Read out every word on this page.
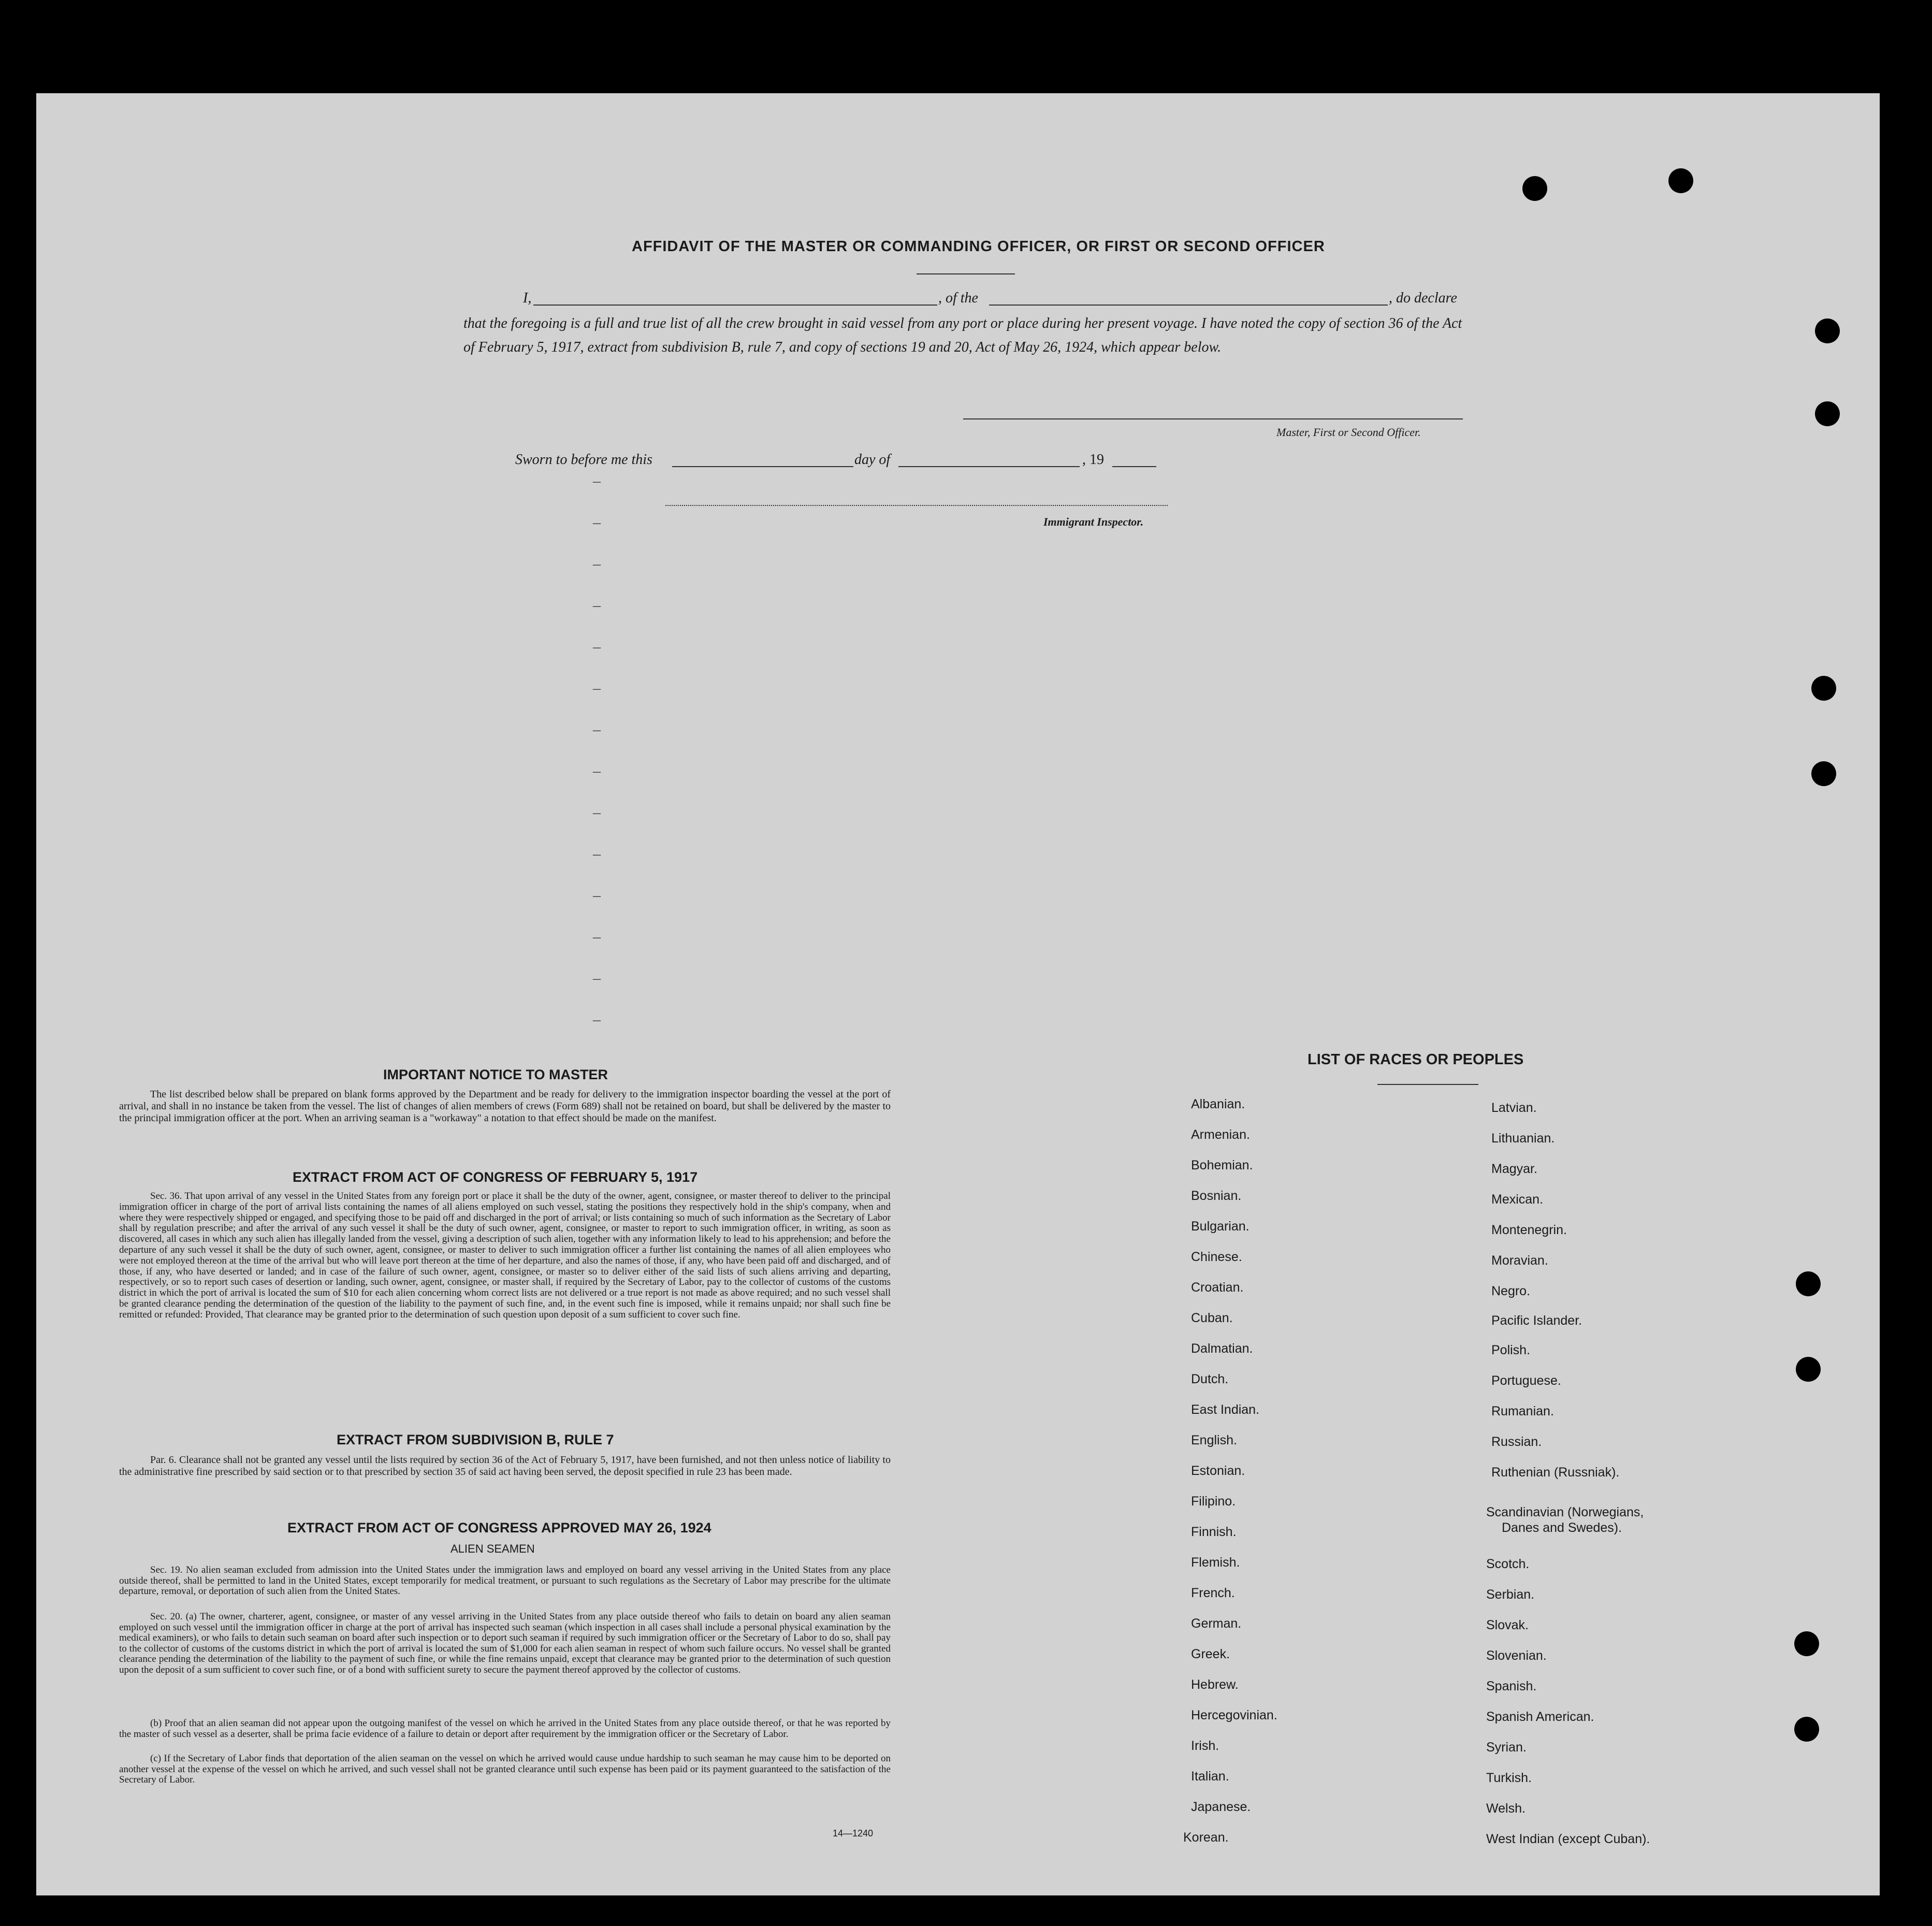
AFFIDAVIT OF THE MASTER OR COMMANDING OFFICER, OR FIRST OR SECOND OFFICER
I,	, of the	, do declare
that the foregoing is a full and true list of all the crew brought in said vessel from any port or place during her present voyage. I have noted the copy of section 36 of the Act of February 5, 1917, extract from subdivision B, rule 7, and copy of sections 19 and 20, Act of May 26, 1924, which appear below.
Master, First or Second Officer.
Sworn to before me this	day of	, 19
Immigrant Inspector.
–
–
–
–
–
–
–
–
–
–
–
–
–
–
IMPORTANT NOTICE TO MASTER
The list described below shall be prepared on blank forms approved by the Department and be ready for delivery to the immigration inspector boarding the vessel at the port of arrival, and shall in no instance be taken from the vessel. The list of changes of alien members of crews (Form 689) shall not be retained on board, but shall be delivered by the master to the principal immigration officer at the port. When an arriving seaman is a "workaway" a notation to that effect should be made on the manifest.
EXTRACT FROM ACT OF CONGRESS OF FEBRUARY 5, 1917
Sec. 36. That upon arrival of any vessel in the United States from any foreign port or place it shall be the duty of the owner, agent, consignee, or master thereof to deliver to the principal immigration officer in charge of the port of arrival lists containing the names of all aliens employed on such vessel, stating the positions they respectively hold in the ship's company, when and where they were respectively shipped or engaged, and specifying those to be paid off and discharged in the port of arrival; or lists containing so much of such information as the Secretary of Labor shall by regulation prescribe; and after the arrival of any such vessel it shall be the duty of such owner, agent, consignee, or master to report to such immigration officer, in writing, as soon as discovered, all cases in which any such alien has illegally landed from the vessel, giving a description of such alien, together with any information likely to lead to his apprehension; and before the departure of any such vessel it shall be the duty of such owner, agent, consignee, or master to deliver to such immigration officer a further list containing the names of all alien employees who were not employed thereon at the time of the arrival but who will leave port thereon at the time of her departure, and also the names of those, if any, who have been paid off and discharged, and of those, if any, who have deserted or landed; and in case of the failure of such owner, agent, consignee, or master so to deliver either of the said lists of such aliens arriving and departing, respectively, or so to report such cases of desertion or landing, such owner, agent, consignee, or master shall, if required by the Secretary of Labor, pay to the collector of customs of the customs district in which the port of arrival is located the sum of $10 for each alien concerning whom correct lists are not delivered or a true report is not made as above required; and no such vessel shall be granted clearance pending the determination of the question of the liability to the payment of such fine, and, in the event such fine is imposed, while it remains unpaid; nor shall such fine be remitted or refunded: Provided, That clearance may be granted prior to the determination of such question upon deposit of a sum sufficient to cover such fine.
EXTRACT FROM SUBDIVISION B, RULE 7
Par. 6. Clearance shall not be granted any vessel until the lists required by section 36 of the Act of February 5, 1917, have been furnished, and not then unless notice of liability to the administrative fine prescribed by said section or to that prescribed by section 35 of said act having been served, the deposit specified in rule 23 has been made.
EXTRACT FROM ACT OF CONGRESS APPROVED MAY 26, 1924
ALIEN SEAMEN
Sec. 19. No alien seaman excluded from admission into the United States under the immigration laws and employed on board any vessel arriving in the United States from any place outside thereof, shall be permitted to land in the United States, except temporarily for medical treatment, or pursuant to such regulations as the Secretary of Labor may prescribe for the ultimate departure, removal, or deportation of such alien from the United States.
Sec. 20. (a) The owner, charterer, agent, consignee, or master of any vessel arriving in the United States from any place outside thereof who fails to detain on board any alien seaman employed on such vessel until the immigration officer in charge at the port of arrival has inspected such seaman (which inspection in all cases shall include a personal physical examination by the medical examiners), or who fails to detain such seaman on board after such inspection or to deport such seaman if required by such immigration officer or the Secretary of Labor to do so, shall pay to the collector of customs of the customs district in which the port of arrival is located the sum of $1,000 for each alien seaman in respect of whom such failure occurs. No vessel shall be granted clearance pending the determination of the liability to the payment of such fine, or while the fine remains unpaid, except that clearance may be granted prior to the determination of such question upon the deposit of a sum sufficient to cover such fine, or of a bond with sufficient surety to secure the payment thereof approved by the collector of customs.
(b) Proof that an alien seaman did not appear upon the outgoing manifest of the vessel on which he arrived in the United States from any place outside thereof, or that he was reported by the master of such vessel as a deserter, shall be prima facie evidence of a failure to detain or deport after requirement by the immigration officer or the Secretary of Labor.
(c) If the Secretary of Labor finds that deportation of the alien seaman on the vessel on which he arrived would cause undue hardship to such seaman he may cause him to be deported on another vessel at the expense of the vessel on which he arrived, and such vessel shall not be granted clearance until such expense has been paid or its payment guaranteed to the satisfaction of the Secretary of Labor.
14—1240
LIST OF RACES OR PEOPLES
Albanian.
Armenian.
Bohemian.
Bosnian.
Bulgarian.
Chinese.
Croatian.
Cuban.
Dalmatian.
Dutch.
East Indian.
English.
Estonian.
Filipino.
Finnish.
Flemish.
French.
German.
Greek.
Hebrew.
Hercegovinian.
Irish.
Italian.
Japanese.
Korean.
Latvian.
Lithuanian.
Magyar.
Mexican.
Montenegrin.
Moravian.
Negro.
Pacific Islander.
Polish.
Portuguese.
Rumanian.
Russian.
Ruthenian (Russniak).
Scandinavian (Norwegians,
Danes and Swedes).
Scotch.
Serbian.
Slovak.
Slovenian.
Spanish.
Spanish American.
Syrian.
Turkish.
Welsh.
West Indian (except Cuban).
